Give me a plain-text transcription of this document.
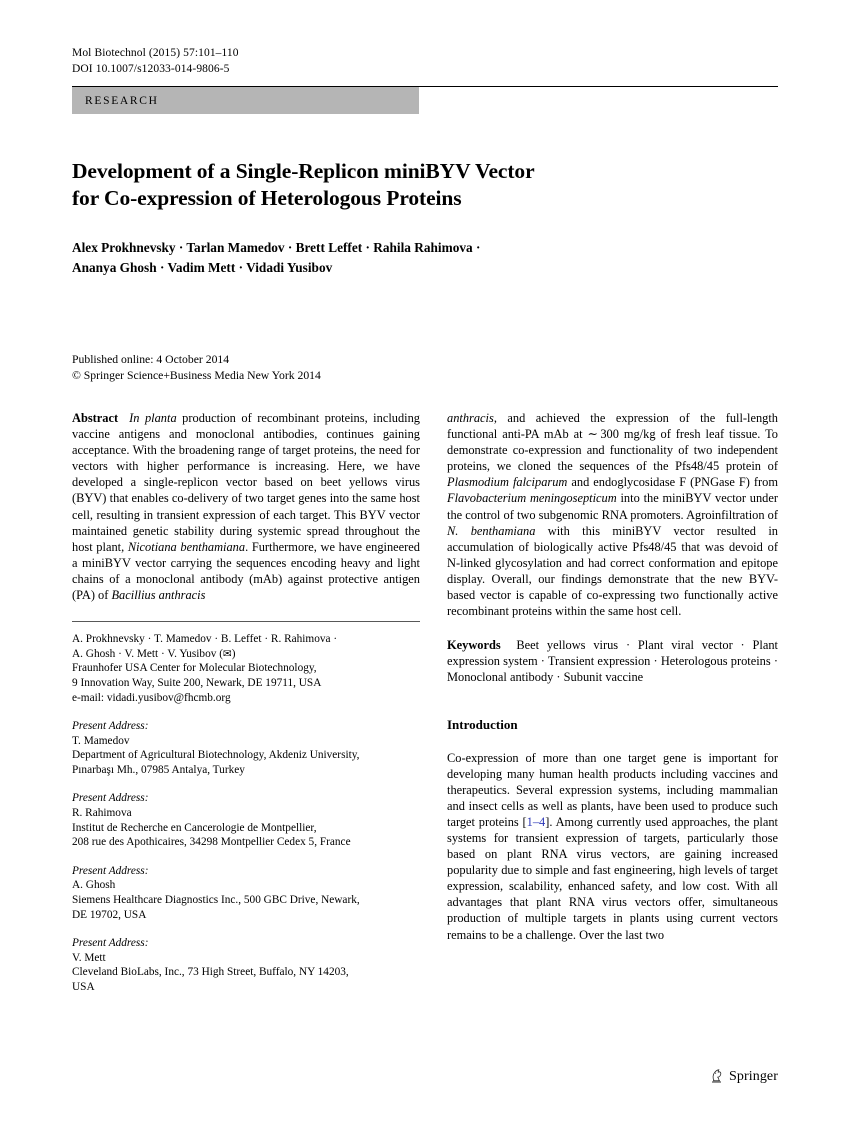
Mol Biotechnol (2015) 57:101–110
DOI 10.1007/s12033-014-9806-5
RESEARCH
Development of a Single-Replicon miniBYV Vector
for Co-expression of Heterologous Proteins
Alex Prokhnevsky · Tarlan Mamedov · Brett Leffet · Rahila Rahimova · Ananya Ghosh · Vadim Mett · Vidadi Yusibov
Published online: 4 October 2014
© Springer Science+Business Media New York 2014

Abstract In planta production of recombinant proteins, including vaccine antigens and monoclonal antibodies, continues gaining acceptance. With the broadening range of target proteins, the need for vectors with higher performance is increasing. Here, we have developed a single-replicon vector based on beet yellows virus (BYV) that enables co-delivery of two target genes into the same host cell, resulting in transient expression of each target. This BYV vector maintained genetic stability during systemic spread throughout the host plant, Nicotiana benthamiana. Furthermore, we have engineered a miniBYV vector carrying the sequences encoding heavy and light chains of a monoclonal antibody (mAb) against protective antigen (PA) of Bacillius anthracis

A. Prokhnevsky · T. Mamedov · B. Leffet · R. Rahimova ·
A. Ghosh · V. Mett · V. Yusibov (✉)
Fraunhofer USA Center for Molecular Biotechnology,
9 Innovation Way, Suite 200, Newark, DE 19711, USA
e-mail: vidadi.yusibov@fhcmb.org
Present Address:
T. Mamedov
Department of Agricultural Biotechnology, Akdeniz University,
Pınarbaşı Mh., 07985 Antalya, Turkey
Present Address:
R. Rahimova
Institut de Recherche en Cancerologie de Montpellier,
208 rue des Apothicaires, 34298 Montpellier Cedex 5, France
Present Address:
A. Ghosh
Siemens Healthcare Diagnostics Inc., 500 GBC Drive, Newark,
DE 19702, USA
Present Address:
V. Mett
Cleveland BioLabs, Inc., 73 High Street, Buffalo, NY 14203,
USA

anthracis, and achieved the expression of the full-length functional anti-PA mAb at ∼ 300 mg/kg of fresh leaf tissue. To demonstrate co-expression and functionality of two independent proteins, we cloned the sequences of the Pfs48/45 protein of Plasmodium falciparum and endoglycosidase F (PNGase F) from Flavobacterium meningosepticum into the miniBYV vector under the control of two subgenomic RNA promoters. Agroinfiltration of N. benthamiana with this miniBYV vector resulted in accumulation of biologically active Pfs48/45 that was devoid of N-linked glycosylation and had correct conformation and epitope display. Overall, our findings demonstrate that the new BYV-based vector is capable of co-expressing two functionally active recombinant proteins within the same host cell.

Keywords Beet yellows virus · Plant viral vector · Plant expression system · Transient expression · Heterologous proteins · Monoclonal antibody · Subunit vaccine

Introduction

Co-expression of more than one target gene is important for developing many human health products including vaccines and therapeutics. Several expression systems, including mammalian and insect cells as well as plants, have been used to produce such target proteins [1–4]. Among currently used approaches, the plant systems for transient expression of targets, particularly those based on plant RNA virus vectors, are gaining increased popularity due to simple and fast engineering, high levels of target expression, scalability, enhanced safety, and low cost. With all advantages that plant RNA virus vectors offer, simultaneous production of multiple targets in plants using current vectors remains to be a challenge. Over the last two

Springer
